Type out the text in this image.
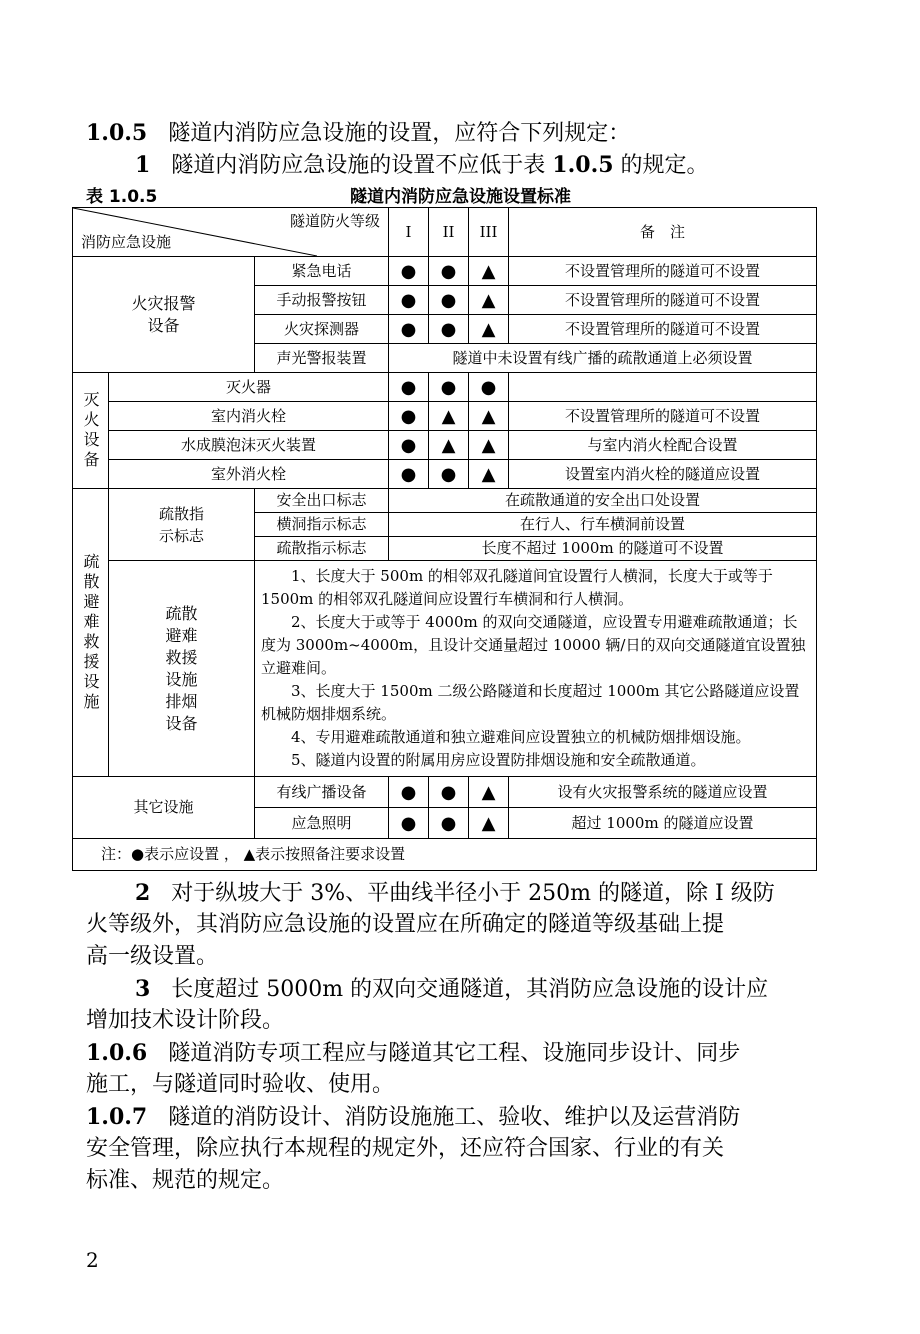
1.0.5 隧道内消防应急设施的设置，应符合下列规定：
1 隧道内消防应急设施的设置不应低于表 1.0.5 的规定。
表 1.0.5	隧道内消防应急设施设置标准
隧道防火等级
消防应急设施			I	II	III	备　注

火灾报警设备		紧急电话	●	●	▲	不设置管理所的隧道可不设置
		手动报警按钮	●	●	▲	不设置管理所的隧道可不设置
		火灾探测器	●	●	▲	不设置管理所的隧道可不设置
		声光警报装置	隧道中未设置有线广播的疏散通道上必须设置			

灭火设备	灭火器		●	●	●	
	室内消火栓		●	▲	▲	不设置管理所的隧道可不设置
	水成膜泡沫灭火装置		●	▲	▲	与室内消火栓配合设置
	室外消火栓		●	●	▲	设置室内消火栓的隧道应设置

疏散避难救援设施	疏散指示标志	安全出口标志	在疏散通道的安全出口处设置			
		横洞指示标志	在行人、行车横洞前设置			
		疏散指示标志	长度不超过 1000m 的隧道可不设置			

	疏散避难救援设施排烟设备	1、长度大于 500m 的相邻双孔隧道间宜设置行人横洞，长度大于或等于 1500m 的相邻双孔隧道间应设置行车横洞和行人横洞。
2、长度大于或等于 4000m 的双向交通隧道，应设置专用避难疏散通道；长度为 3000m~4000m，且设计交通量超过 10000 辆/日的双向交通隧道宜设置独立避难间。
3、长度大于 1500m 二级公路隧道和长度超过 1000m 其它公路隧道应设置机械防烟排烟系统。
4、专用避难疏散通道和独立避难间应设置独立的机械防烟排烟设施。
5、隧道内设置的附属用房应设置防排烟设施和安全疏散通道。				

其它设施		有线广播设备	●	●	▲	设有火灾报警系统的隧道应设置
		应急照明	●	●	▲	超过 1000m 的隧道应设置
注：●表示应设置 ， ▲表示按照备注要求设置						
2 对于纵坡大于 3%、平曲线半径小于 250m 的隧道，除 I 级防
火等级外，其消防应急设施的设置应在所确定的隧道等级基础上提
高一级设置。
3 长度超过 5000m 的双向交通隧道，其消防应急设施的设计应
增加技术设计阶段。
1.0.6 隧道消防专项工程应与隧道其它工程、设施同步设计、同步
施工，与隧道同时验收、使用。
1.0.7 隧道的消防设计、消防设施施工、验收、维护以及运营消防
安全管理，除应执行本规程的规定外，还应符合国家、行业的有关
标准、规范的规定。
2
